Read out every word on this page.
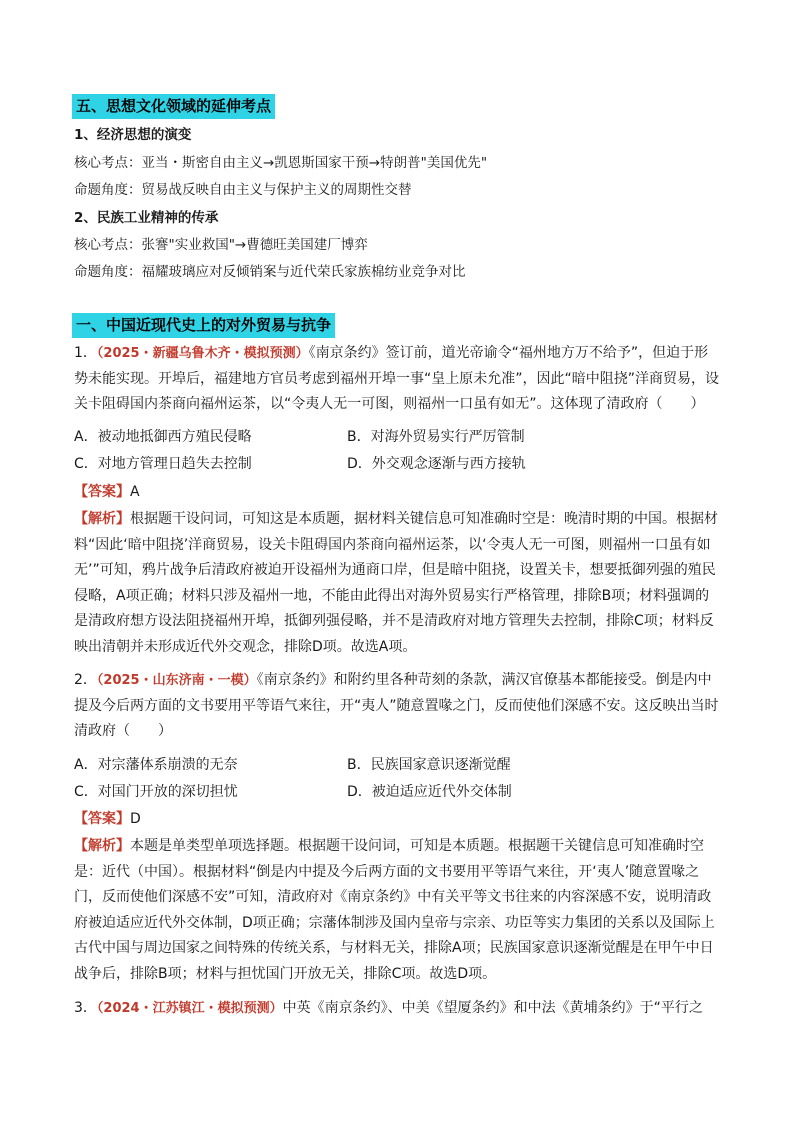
五、思想文化领域的延伸考点
1、经济思想的演变
核心考点：亚当・斯密自由主义→凯恩斯国家干预→特朗普"美国优先"
命题角度：贸易战反映自由主义与保护主义的周期性交替
2、民族工业精神的传承
核心考点：张謇"实业救国"→曹德旺美国建厂博弈
命题角度：福耀玻璃应对反倾销案与近代荣氏家族棉纺业竞争对比
一、中国近现代史上的对外贸易与抗争
1．（2025・新疆乌鲁木齐・模拟预测）《南京条约》签订前，道光帝谕令“福州地方万不给予”，但迫于形势未能实现。开埠后，福建地方官员考虑到福州开埠一事“皇上原未允准”，因此“暗中阻挠”洋商贸易，设关卡阻碍国内茶商向福州运茶，以“令夷人无一可图，则福州一口虽有如无”。这体现了清政府（　　）
A．被动地抵御西方殖民侵略	B．对海外贸易实行严厉管制
C．对地方管理日趋失去控制	D．外交观念逐渐与西方接轨
【答案】A
【解析】根据题干设问词，可知这是本质题，据材料关键信息可知准确时空是：晚清时期的中国。根据材料“因此‘暗中阻挠’洋商贸易，设关卡阻碍国内茶商向福州运茶，以‘令夷人无一可图，则福州一口虽有如无’”可知，鸦片战争后清政府被迫开设福州为通商口岸，但是暗中阻挠，设置关卡，想要抵御列强的殖民侵略，A项正确；材料只涉及福州一地，不能由此得出对海外贸易实行严格管理，排除B项；材料强调的是清政府想方设法阻挠福州开埠，抵御列强侵略，并不是清政府对地方管理失去控制，排除C项；材料反映出清朝并未形成近代外交观念，排除D项。故选A项。
2．（2025・山东济南・一模）《南京条约》和附约里各种苛刻的条款，满汉官僚基本都能接受。倒是内中提及今后两方面的文书要用平等语气来往，开“夷人”随意置喙之门，反而使他们深感不安。这反映出当时清政府（　　）
A．对宗藩体系崩溃的无奈	B．民族国家意识逐渐觉醒
C．对国门开放的深切担忧	D．被迫适应近代外交体制
【答案】D
【解析】本题是单类型单项选择题。根据题干设问词，可知是本质题。根据题干关键信息可知准确时空是：近代（中国）。根据材料“倒是内中提及今后两方面的文书要用平等语气来往，开‘夷人’随意置喙之门，反而使他们深感不安”可知，清政府对《南京条约》中有关平等文书往来的内容深感不安，说明清政府被迫适应近代外交体制，D项正确；宗藩体制涉及国内皇帝与宗亲、功臣等实力集团的关系以及国际上古代中国与周边国家之间特殊的传统关系，与材料无关，排除A项；民族国家意识逐渐觉醒是在甲午中日战争后，排除B项；材料与担忧国门开放无关，排除C项。故选D项。
3．（2024・江苏镇江・模拟预测）中英《南京条约》、中美《望厦条约》和中法《黄埔条约》于“平行之
